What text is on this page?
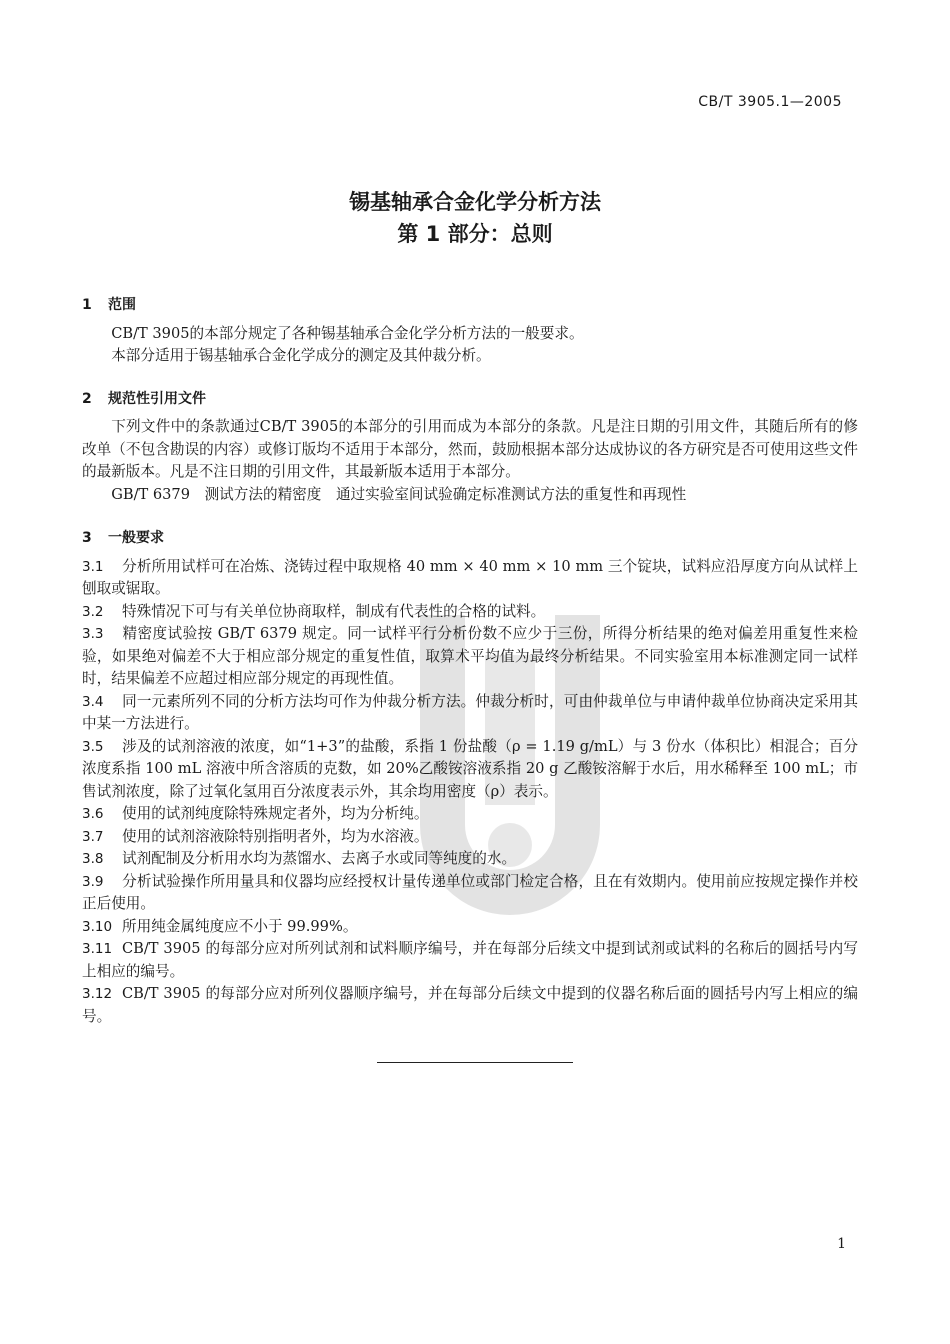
CB/T 3905.1—2005
锡基轴承合金化学分析方法
第 1 部分：总则
1 范围

CB/T 3905的本部分规定了各种锡基轴承合金化学分析方法的一般要求。

本部分适用于锡基轴承合金化学成分的测定及其仲裁分析。

2 规范性引用文件

下列文件中的条款通过CB/T 3905的本部分的引用而成为本部分的条款。凡是注日期的引用文件，其随后所有的修改单（不包含勘误的内容）或修订版均不适用于本部分，然而，鼓励根据本部分达成协议的各方研究是否可使用这些文件的最新版本。凡是不注日期的引用文件，其最新版本适用于本部分。

GB/T 6379　测试方法的精密度　通过实验室间试验确定标准测试方法的重复性和再现性

3 一般要求

3.1 分析所用试样可在冶炼、浇铸过程中取规格 40 mm × 40 mm × 10 mm 三个锭块，试料应沿厚度方向从试样上刨取或锯取。

3.2 特殊情况下可与有关单位协商取样，制成有代表性的合格的试料。

3.3 精密度试验按 GB/T 6379 规定。同一试样平行分析份数不应少于三份，所得分析结果的绝对偏差用重复性来检验，如果绝对偏差不大于相应部分规定的重复性值，取算术平均值为最终分析结果。不同实验室用本标准测定同一试样时，结果偏差不应超过相应部分规定的再现性值。

3.4 同一元素所列不同的分析方法均可作为仲裁分析方法。仲裁分析时，可由仲裁单位与申请仲裁单位协商决定采用其中某一方法进行。

3.5 涉及的试剂溶液的浓度，如“1+3”的盐酸，系指 1 份盐酸（ρ = 1.19 g/mL）与 3 份水（体积比）相混合；百分浓度系指 100 mL 溶液中所含溶质的克数，如 20%乙酸铵溶液系指 20 g 乙酸铵溶解于水后，用水稀释至 100 mL；市售试剂浓度，除了过氧化氢用百分浓度表示外，其余均用密度（ρ）表示。

3.6 使用的试剂纯度除特殊规定者外，均为分析纯。

3.7 使用的试剂溶液除特别指明者外，均为水溶液。

3.8 试剂配制及分析用水均为蒸馏水、去离子水或同等纯度的水。

3.9 分析试验操作所用量具和仪器均应经授权计量传递单位或部门检定合格，且在有效期内。使用前应按规定操作并校正后使用。

3.10 所用纯金属纯度应不小于 99.99%。

3.11 CB/T 3905 的每部分应对所列试剂和试料顺序编号，并在每部分后续文中提到试剂或试料的名称后的圆括号内写上相应的编号。

3.12 CB/T 3905 的每部分应对所列仪器顺序编号，并在每部分后续文中提到的仪器名称后面的圆括号内写上相应的编号。

1
